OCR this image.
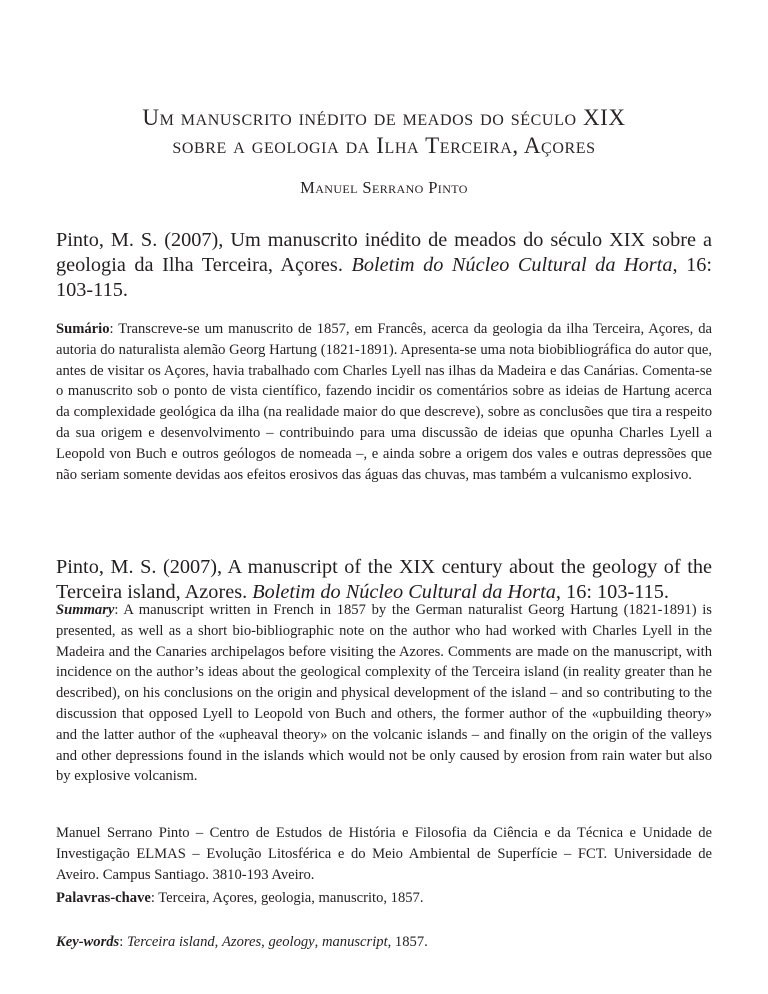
Um manuscrito inédito de meados do século XIX
sobre a geologia da Ilha Terceira, Açores
Manuel Serrano Pinto
Pinto, M. S. (2007), Um manuscrito inédito de meados do século XIX sobre a geologia da Ilha Terceira, Açores. Boletim do Núcleo Cultural da Horta, 16: 103-115.
Sumário: Transcreve-se um manuscrito de 1857, em Francês, acerca da geologia da ilha Terceira, Açores, da autoria do naturalista alemão Georg Hartung (1821-1891). Apresenta-se uma nota biobibliográfica do autor que, antes de visitar os Açores, havia trabalhado com Charles Lyell nas ilhas da Madeira e das Canárias. Comenta-se o manuscrito sob o ponto de vista científico, fazendo incidir os comentários sobre as ideias de Hartung acerca da complexidade geológica da ilha (na realidade maior do que descreve), sobre as conclusões que tira a respeito da sua origem e desenvolvimento – contribuindo para uma discussão de ideias que opunha Charles Lyell a Leopold von Buch e outros geólogos de nomeada –, e ainda sobre a origem dos vales e outras depressões que não seriam somente devidas aos efeitos erosivos das águas das chuvas, mas também a vulcanismo explosivo.
Pinto, M. S. (2007), A manuscript of the XIX century about the geology of the Terceira island, Azores. Boletim do Núcleo Cultural da Horta, 16: 103-115.
Summary: A manuscript written in French in 1857 by the German naturalist Georg Hartung (1821-1891) is presented, as well as a short bio-bibliographic note on the author who had worked with Charles Lyell in the Madeira and the Canaries archipelagos before visiting the Azores. Comments are made on the manuscript, with incidence on the author’s ideas about the geological complexity of the Terceira island (in reality greater than he described), on his conclusions on the origin and physical development of the island – and so contributing to the discussion that opposed Lyell to Leopold von Buch and others, the former author of the «upbuilding theory» and the latter author of the «upheaval theory» on the volcanic islands – and finally on the origin of the valleys and other depressions found in the islands which would not be only caused by erosion from rain water but also by explosive volcanism.
Manuel Serrano Pinto – Centro de Estudos de História e Filosofia da Ciência e da Técnica e Unidade de Investigação ELMAS – Evolução Litosférica e do Meio Ambiental de Superfície – FCT. Universidade de Aveiro. Campus Santiago. 3810-193 Aveiro.
Palavras-chave: Terceira, Açores, geologia, manuscrito, 1857.
Key-words: Terceira island, Azores, geology, manuscript, 1857.
